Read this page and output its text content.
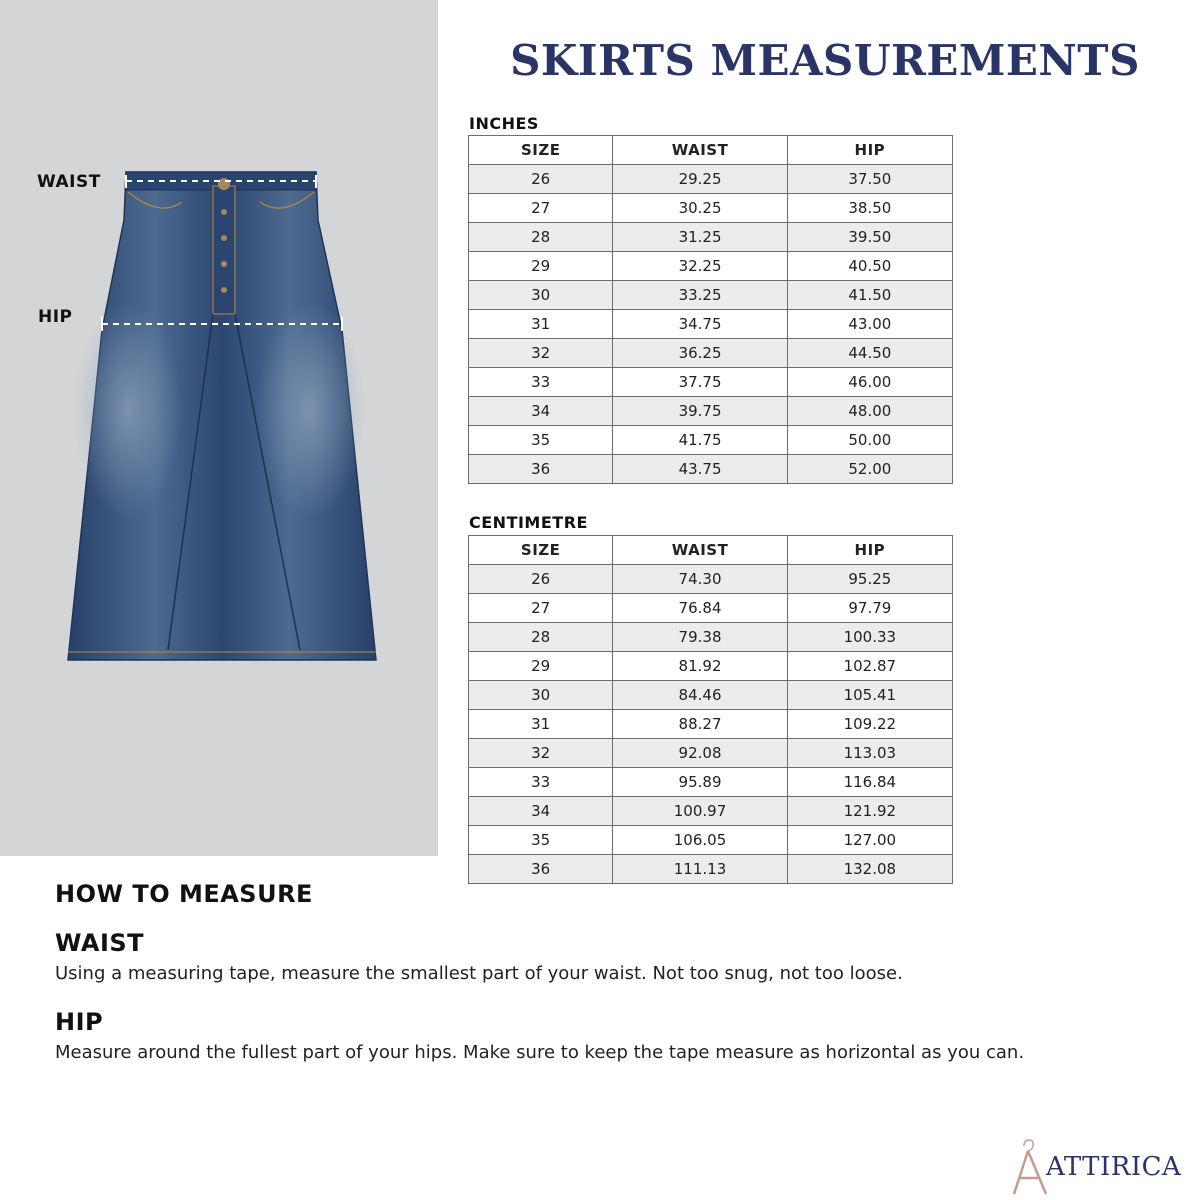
WAIST
HIP
SKIRTS MEASUREMENTS
INCHES
SIZE	WAIST	HIP
26	29.25	37.50
27	30.25	38.50
28	31.25	39.50
29	32.25	40.50
30	33.25	41.50
31	34.75	43.00
32	36.25	44.50
33	37.75	46.00
34	39.75	48.00
35	41.75	50.00
36	43.75	52.00
CENTIMETRE
SIZE	WAIST	HIP
26	74.30	95.25
27	76.84	97.79
28	79.38	100.33
29	81.92	102.87
30	84.46	105.41
31	88.27	109.22
32	92.08	113.03
33	95.89	116.84
34	100.97	121.92
35	106.05	127.00
36	111.13	132.08
HOW TO MEASURE
WAIST

Using a measuring tape, measure the smallest part of your waist. Not too snug, not too loose.

HIP

Measure around the fullest part of your hips. Make sure to keep the tape measure as horizontal as you can.

ATTIRICA
